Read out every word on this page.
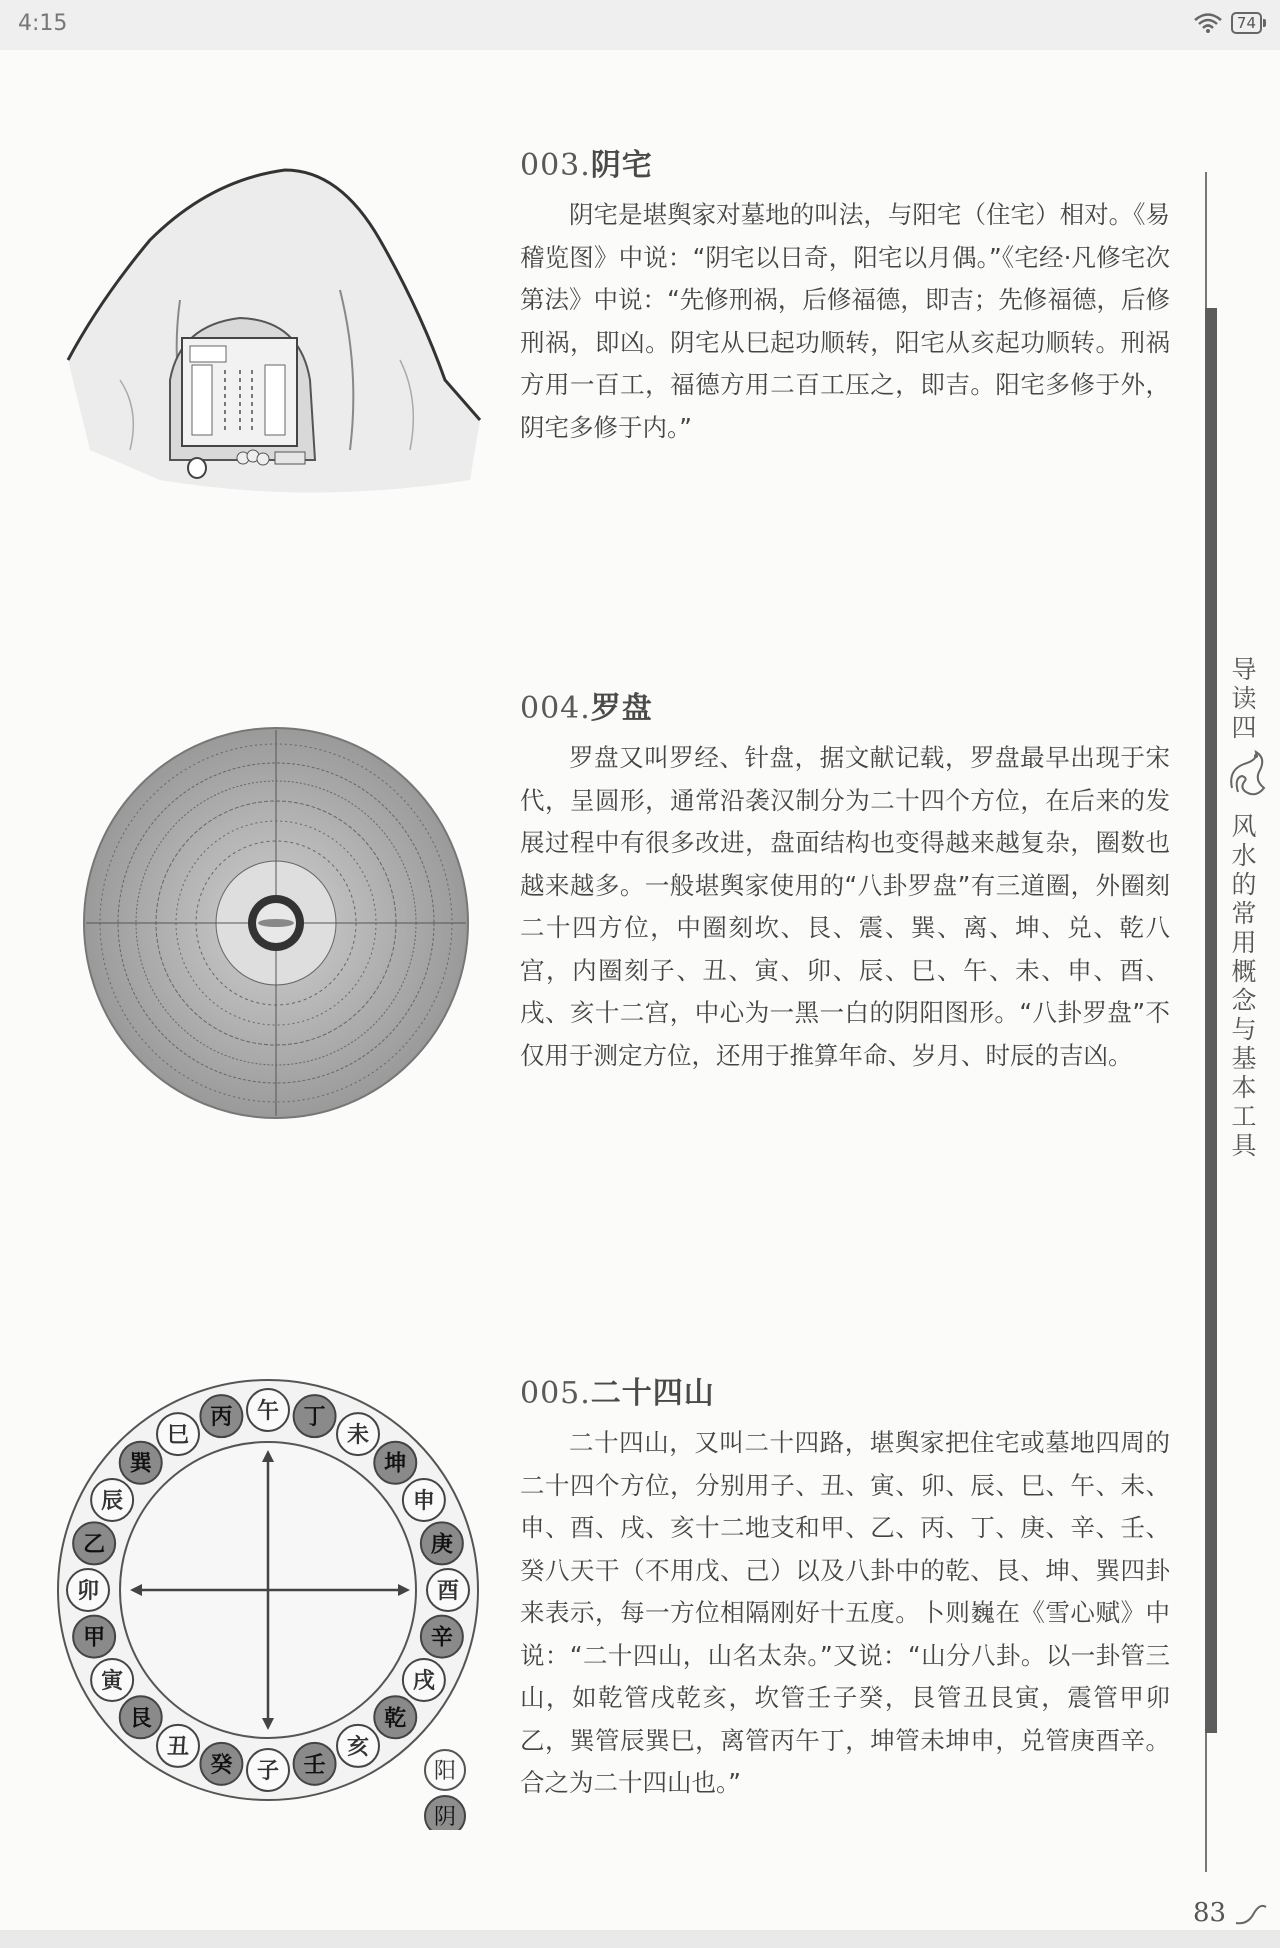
4:15	74
003.阴宅

阴宅是堪舆家对墓地的叫法，与阳宅（住宅）相对。《易稽览图》中说：“阴宅以日奇，阳宅以月偶。”《宅经·凡修宅次第法》中说：“先修刑祸，后修福德，即吉；先修福德，后修刑祸，即凶。阴宅从巳起功顺转，阳宅从亥起功顺转。刑祸方用一百工，福德方用二百工压之，即吉。阳宅多修于外，阴宅多修于内。”

004.罗盘

罗盘又叫罗经、针盘，据文献记载，罗盘最早出现于宋代，呈圆形，通常沿袭汉制分为二十四个方位，在后来的发展过程中有很多改进，盘面结构也变得越来越复杂，圈数也越来越多。一般堪舆家使用的“八卦罗盘”有三道圈，外圈刻二十四方位，中圈刻坎、艮、震、巽、离、坤、兑、乾八宫，内圈刻子、丑、寅、卯、辰、巳、午、未、申、酉、戌、亥十二宫，中心为一黑一白的阴阳图形。“八卦罗盘”不仅用于测定方位，还用于推算年命、岁月、时辰的吉凶。

午 丁
未
坤
申
庚
酉
辛
戌
乾
亥
壬
子
癸
丑
艮
寅
甲
卯
乙
辰
巽
巳
丙
阳
阴
005.二十四山

二十四山，又叫二十四路，堪舆家把住宅或墓地四周的二十四个方位，分别用子、丑、寅、卯、辰、巳、午、未、申、酉、戌、亥十二地支和甲、乙、丙、丁、庚、辛、壬、癸八天干（不用戊、己）以及八卦中的乾、艮、坤、巽四卦来表示，每一方位相隔刚好十五度。卜则巍在《雪心赋》中说：“二十四山，山名太杂。”又说：“山分八卦。以一卦管三山，如乾管戌乾亥，坎管壬子癸，艮管丑艮寅，震管甲卯乙，巽管辰巽巳，离管丙午丁，坤管未坤申，兑管庚酉辛。合之为二十四山也。”

导
读
四
风
水
的
常
用
概
念
与
基
本
工
具
83
